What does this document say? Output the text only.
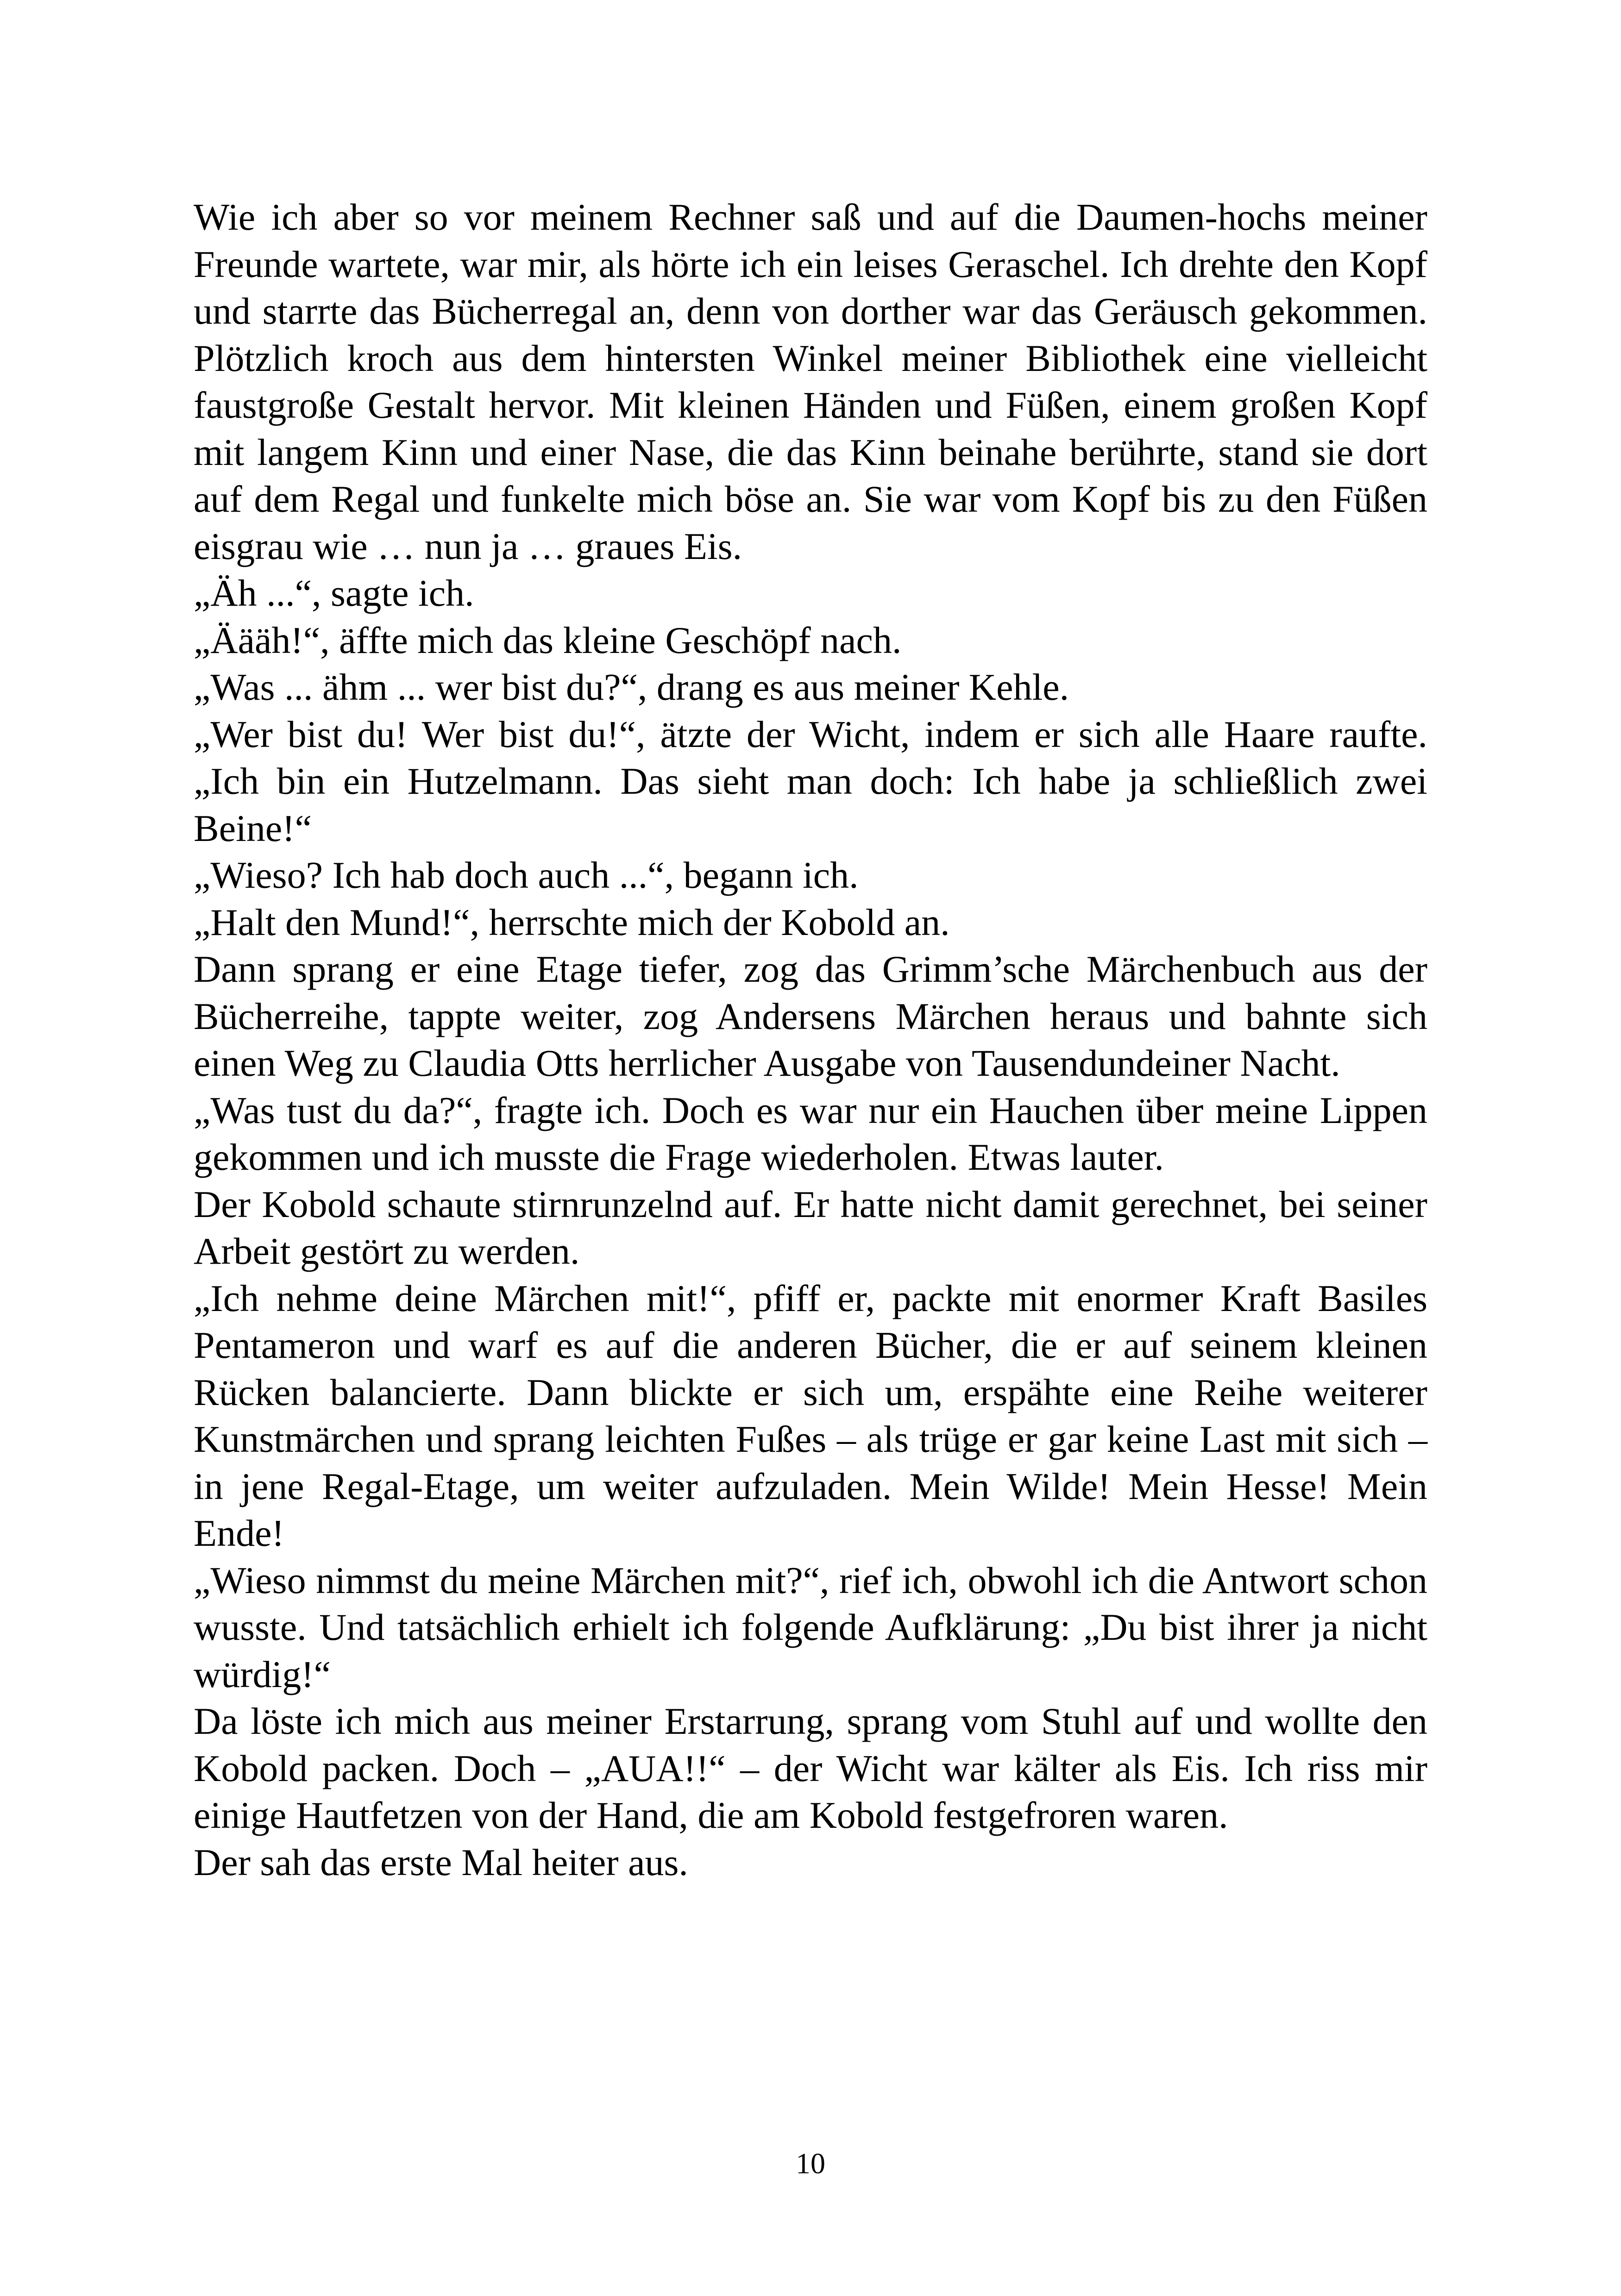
Wie ich aber so vor meinem Rechner saß und auf die Daumen-hochs meiner Freunde wartete, war mir, als hörte ich ein leises Geraschel. Ich drehte den Kopf und starrte das Bücherregal an, denn von dorther war das Geräusch gekommen. Plötzlich kroch aus dem hintersten Winkel meiner Bibliothek eine vielleicht faustgroße Gestalt hervor. Mit kleinen Händen und Füßen, einem großen Kopf mit langem Kinn und einer Nase, die das Kinn beinahe berührte, stand sie dort auf dem Regal und funkelte mich böse an. Sie war vom Kopf bis zu den Füßen eisgrau wie … nun ja … graues Eis.

„Äh ...“, sagte ich.

„Äääh!“, äffte mich das kleine Geschöpf nach.

„Was ... ähm ... wer bist du?“, drang es aus meiner Kehle.

„Wer bist du! Wer bist du!“, ätzte der Wicht, indem er sich alle Haare raufte. „Ich bin ein Hutzelmann. Das sieht man doch: Ich habe ja schließlich zwei Beine!“

„Wieso? Ich hab doch auch ...“, begann ich.

„Halt den Mund!“, herrschte mich der Kobold an.

Dann sprang er eine Etage tiefer, zog das Grimm’sche Märchenbuch aus der Bücherreihe, tappte weiter, zog Andersens Märchen heraus und bahnte sich einen Weg zu Claudia Otts herrlicher Ausgabe von Tausendundeiner Nacht.

„Was tust du da?“, fragte ich. Doch es war nur ein Hauchen über meine Lippen gekommen und ich musste die Frage wiederholen. Etwas lauter.

Der Kobold schaute stirnrunzelnd auf. Er hatte nicht damit gerechnet, bei seiner Arbeit gestört zu werden.

„Ich nehme deine Märchen mit!“, pfiff er, packte mit enormer Kraft Basiles Pentameron und warf es auf die anderen Bücher, die er auf seinem kleinen Rücken balancierte. Dann blickte er sich um, erspähte eine Reihe weiterer Kunstmärchen und sprang leichten Fußes – als trüge er gar keine Last mit sich – in jene Regal-Etage, um weiter aufzuladen. Mein Wilde! Mein Hesse! Mein Ende!

„Wieso nimmst du meine Märchen mit?“, rief ich, obwohl ich die Antwort schon wusste. Und tatsächlich erhielt ich folgende Aufklärung: „Du bist ihrer ja nicht würdig!“

Da löste ich mich aus meiner Erstarrung, sprang vom Stuhl auf und wollte den Kobold packen. Doch – „AUA!!“ – der Wicht war kälter als Eis. Ich riss mir einige Hautfetzen von der Hand, die am Kobold festgefroren waren.

Der sah das erste Mal heiter aus.

10
